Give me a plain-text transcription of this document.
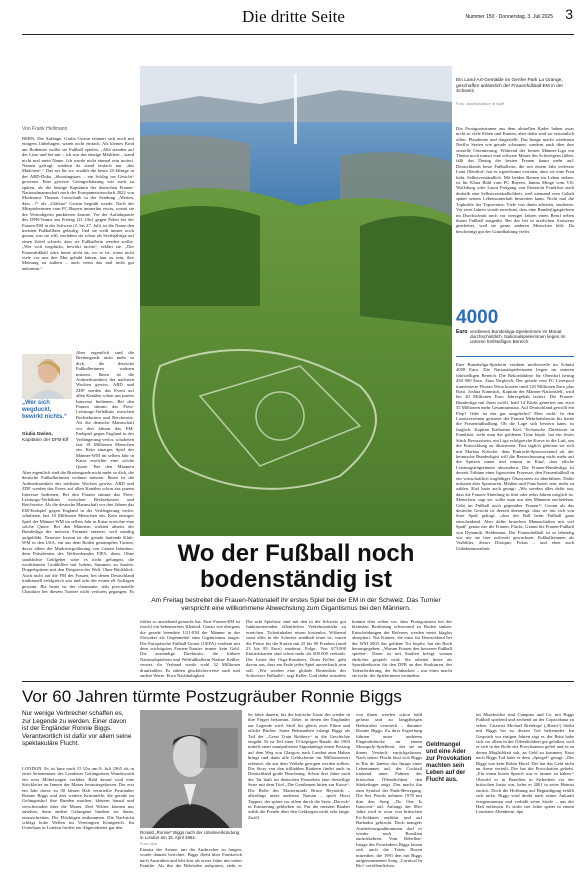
Die dritte Seite	Nummer 150 · Donnerstag, 3. Juli 2025 3
Von Frank Hellmann
BERN. Die Anfänge, Giulia Gwinn erinnert sich noch mit einigem Unbehagen, waren nicht einfach. Als kleines Kind am Bodensee wollte sie Fußball spielen. „Alle standen auf der Liste und bei mir – ich war das einzige Mädchen – stand nicht mal mein Name. Ich wurde nicht einmal rein notiert. Namen gefragt, sondern da stand einfach nur „das Mädchen“.“ Das sei für sie, erzählt die heute 25-Jährige in der ARD-Doku „Shootingstars – ein Schlag ins Gesicht“ gewesen. Eine gewisse Geringschätzung war auch zu spüren, als die heutige Kapitänin der deutschen Frauen-Nationalmannschaft nach der Europameisterschaft 2022 von Moderator Thomas Gottschalk in der Sendung „Wetten, dass…?“ als „Gläläna“ Gwinn begrüßt wurde. Nach der Mitspielerinnen vom FC Bayern immerhin etwas, womit sie die Verteidigerin punktieren konnte. Vor der Auftaktpartie des DFB-Teams am Freitag (21 Uhr) gegen Polen bei der Frauen-EM in der Schweiz (2. bis 27. Juli) ist die Name den meisten Fußballfans geläufig. Und sie weiß immer noch genau, was sie will, nachdem sie schon als Sechsjährige auf einen Zettel schrieb, dass sie Fußballerin werden wollte. „Wer sich wegduckt, bewirkt nichts“, erklärt sie. „Der Frauenfußball wäre heute nicht da, wo er ist, wenn nicht viele vor uns den Mut gehabt hätten, laut zu sein, ihre Meinung zu äußern – auch wenn das mal nicht gut ankommt.“
„Wer sich wegduckt, bewirkt nichts.“
Giulia Gwinn,
Kapitänin der DFB-Elf
Aber eigentlich sind die Breitengrade nicht mehr so dick, die deutsche Fußballerinnen wohnen müssen. Ihnen ist die Aufmerksamkeit der nächsten Wochen gewiss. ARD und ZDF werden das Event auf allen Kanälen schon aus purem Interesse bedienen. Bei den Frauen stimmt das Preis-Leistungs-Verhältnis zwischen Rechtekosten und Reichweite. Als die deutsche Mannschaft vor drei Jahren das EM-Endspiel gegen England in der Verlängerung verlor, schalteten fast 18 Millionen Menschen ein. Kein einziges Spiel der Männer-WM im selben Jahr in Katar erreichte eine solche Quote. Bei den Männern
Aber eigentlich sind die Breitengrade nicht mehr so dick, die deutsche Fußballerinnen wohnen müssen. Ihnen ist die Aufmerksamkeit der nächsten Wochen gewiss. ARD und ZDF werden das Event auf allen Kanälen schon aus purem Interesse bedienen. Bei den Frauen stimmt das Preis-Leistungs-Verhältnis zwischen Rechtekosten und Reichweite. Als die deutsche Mannschaft vor drei Jahren das EM-Endspiel gegen England in der Verlängerung verlor, schalteten fast 18 Millionen Menschen ein. Kein einziges Spiel der Männer-WM im selben Jahr in Katar erreichte eine solche Quote. Bei den Männern wirkten abseits der Bundesliga die meisten Formate entzerrt, weil unstilig aufgebläht. Neuester Irrsinn ist die gerade laufende Klub-WM in den USA, ein aus dem Boden gestampftes Turnier, davor allem der Marktvergrößerung von Gianni Infantino, dem Präsidenten des Weltverbandes FIFA, dient. Ohne sauddichse Geldgeber wäre es nicht gelungen, die exorbitanten Großhilfen mit hohem Summen zu kaufen. Doppelspitzen mit den Despoten der Welt. Ohne Rückblick. Auch nicht auf die FM der Frauen, bei denen Deutschland traditionell erfolgreich war und acht der ersten elf Auflagen gewann. Bis heute ist der charmante, teils provinzielle Charakter bei diesem Turnier nicht verloren gegangen. Es
Ein Land-Art-Gemälde im Genfer Park La Grange, geschaffen anlässlich der Frauenfußball-EM in der Schweiz.
Foto: dpa/Salvatore di Nolfi
Die Protagonistinnen aus dem aktuellen Kader haben zwar nicht so viele Erben und Kanten, aber dafür sind sie erstaunlich offen. Plaudernte und dargestellt. Das Image macht wiederum Netflix Serien wie gerade schaunen, sondern auch über ihre sexuelle Orientierung. Während der besten Männer-Liga ein Thema noch immer eine schwere Mauer des Schweigens füllen, fällt das Daring der besten Frauen kaum mehr auf. Deutschlands beste Fußballerin, die seit einem Jahr verletzte Lena Oberdorf, hat es irgendwann verraten, dass sie eine Frau liebt. Selbstverständlich. Mit beiden Beinen im Leben stehen, ist für Klara Bühl vom FC Bayern, Janina Minge vom VfL Wolfsburg oder Laura Freigang von Eintracht Frankfurt auch deshalb eine Selbstverständlichkeit, weil niemand vom Gehalt später seinen Lebensunterhalt bestreiten kann. Nicht mal die Topkräfte der Topvereine. Viele von ihnen arbeiten, studieren. Vor zwei Jahren wurde errechnet, dass eine Bundesligaspielerin im Durchschnitt noch vor weniger Jahren einen Beruf neben ihrem Fußball ausgeübt. Bei der bei in ärztlichen Assistenz gearbeitet, weil sie gerne anderen Menschen hilft. Da bescheinigt gut der Grundhaltung vieler.
4000
Euro verdienen Bundesliga-Spielerinnen im Monat durchschnittlich. Nationalspielerinnen liegen im unteren fünfstelligen Bereich.
Eine Bundesliga-Spielerin verdient mittlerweile im Schnitt 4000 Euro. Die Nationalspielerinnen liegen im unteren fünfstelligen Bereich. Die Rekordablöse für Oberdorf betrug 450 000 Euro. Zum Vergleich: Der gerade vom FC Liverpool transferierte Florian Wirtz kostete rund 120 Millionen Euro plus Boni. Joshua Kimmich, Kapitän der Männer-Nationalelf, wird bei 20 Millionen Euro Jahresgehalt taxiert. Die Frauen-Bundesliga mit ihren zwölf, bald 14 Klubs generiert nur etwa 55 Millionen mehr Gesamtumsatz. Auf Deutschland gewollt ein Flop? Oder ist das gar umgekehrt? Eher nicht. In den Lizenzvereinen gestartet der Frauen Mehrheitsbesitz bis heute die Frauenfußballung. Ob die Lage sich bessern kann, ist fraglich. Kapitän Katharina Kiel, Technische Direktorin in Frankfurt, sieht man die goldenen Töne köpfe, hat ein festes Stück Bewusstsein, ein Liga erfolgreiche Kurve in die Luft, um die Entwicklung zu illustrieren. Fast täglich gehören sie sich mit Markus Krösche, dem Eintracht-Sportvorstand ab, der heimische Bundesligist will die Bezuschussung nicht mehr auf die Spitzen tunen und nimmt in Kauf, dass etliche Leistungsträgerinnen abwandern. Die Frauen-Bundesliga ist derzeit Tribüne einer ligaweiten Prozesse, den Frauenfußball in ein wirtschaftlich tragfähiges Ökosystem zu überführen. Dafür müssten aber Sponsoren, Medien und Fans bereit sein, mehr zu zahlen. Kiel hatte auch gesagt: „Wir werden alles dafür tun, dass die Frauen-Abteilung in fünf oder zehn Jahren möglich ist. Menschen, sagt sie, sollte man nur den Männern nachziehen. Geht im Fußball auch gegenüber Frauen!“ Gwinn als das deutsche Gesicht ist derzeit überzeugt, dass sie mit sich von ihrer Spaß gelingt, „dass der Ball beim Fußball ganz entscheidend. Aber dafür brauchen Mannschaften mit viel Spaß“ genau wie die Frauen, Flucht, Gianni bis Frauen-Fußball von Dynamik, Heldenmut. Der Frauenfußball ist so lebendig wie nie sie hier weltweit gewachsen. Fußballerinnen als Vorbilder, dieser Diszipin, Fokus – und eben auch Unbekümmertheit.
Wo der Fußball noch
bodenständig ist
Am Freitag bestreitet die Frauen-Nationalelf ihr erstes Spiel bei der EM in der Schweiz. Das Turnier verspricht eine willkommene Abwechslung zum Gigantismus bei den Männern.
früher so anziehend gemacht hat. Eine Frauen-EM ist (noch) ein bebenseretes Kleinod. Genau wie übrigens die gerade beendete U21-EM der Männer in der Slowakei als Gegenmittel zum Gigantismus taugte. Die Europäische Fußball-Union (UEFA) verdient mit dem wichtigsten Frauen-Turnier immer kein Geld. Die zuständige Direktorin, die frühere Nationalspielerin und Weltfußballerin Nadine Keßler, verriet, ihr Verband werde wohl 32 Millionen draufzahlen. Es zählen glücklicherweise auch mal andere Werte. Etwa Nachhaltigkeit.
Die acht Spielorte sind mit den in der Schweiz gut funktionierenden öffentlichen Verkehrsmitteln zu erreichen. Ticketinhaber reisen kostenlos. Während sonst alles in der Schweiz sündhaft teuer ist, waren die Preise für die Karten mit 25 bis 90 Franken (rund 23 bis 85 Euro) moderat. Folge: Von 673.000 Eintrittskarten sind schon mehr als 600.000 verkauft. Der Leiter des Orga-Komitees, Doris Keller, geht davon aus, dass am Ende jedes Spiel ausverkauft sein soll. „Wir werden eine globale Bestenliste des Schweizer Fußballs“, sagt Keller. Und dabei trotzdem
kommt eher selten vor, dass Protagonisten bei der kleinsten Berührung schwerund zu Boden sinken. Entscheidungen der Referees werden meist klaglos akzeptiert. Nia Künzer, die einst für Deutschland bei der WM 2003 das goldene Tor köpfte, hat ein Buch herausgegeben: „Warum Frauen den besseren Fußball spielen“. Darin ist mit Studien belegt, warum ehrlicher gespielt wird. Sie arbeitet heute als Sportdirektorin für den DFB an den Strukturen, der Talentförderung, der Sichtbarkeit – nur eines macht sie nicht: die Spielerinnen verändern.
Vor 60 Jahren türmte Postzugräuber Ronnie Biggs
Nur wenige Verbrecher schaffen es, zur Legende zu werden. Einer davon ist der Engländer Ronnie Biggs. Verantwortlich ist dafür vor allem seine spektakuläre Flucht.
LONDON. Es ist kurz nach 15 Uhr am 8. Juli 1965 als in einer Seitenmauer des Londoner Gefängnisses Wandsworth ein roter Möbelwagen vorfährt. Bald darauf wird eine Strickleiter an Innern der Mauer heruntergelassen. Der erst ein Jahr davor zu 30 Jahren Haft verurteilte Posträuber Ronnie Biggs und drei weitere Kriminelle, die gerade im Gefängnishof ihre Runden machen, klettern hinauf und verschwinden über die Mauer. Drei Wärter können nur zusehen, denn andere Gefangene hindern sie daran, einzuschreiten. Die Flüchtigen entkommen. Die Nachricht schlägt hohe Wellen im Vereinigten Königreich. Im Unterhaus in London fordert ein Abgeordneter gar den
Ronald „Ronnie“ Biggs nach der Urteilsverkündung in London am 15. April 1964.
Foto: dpa
Einsatz der Armee, um die Ausbrecher zu fangen, wurde damals berichtet. Biggs flieht über Frankreich nach Australien und lebt dort als erstes Jahre mit seiner Familie. Als ihn die Behörden aufspüren, zieht er
So fahre dauern, bis die britische Justiz ihn wieder in ihre Finger bekommt. Jahre, in denen der Engländer zur Legende wird. Stoff für gleich zwei Filme und etliche Bücher. Seine Bekanntheit erlangt Biggs als Teil der „Great Train Robbery“ in die Geschichte eingeht. Er ist Teil einer 15-köpfigen Bande, die 1963 mittels einer manipulierten Signalanlage einen Postzug auf dem Weg von Glasgow nach London zum Halten bringt und dann alle Geldscheine im Millionenwert erbeutet, die aus dem Verkehr gezogen werden sollten. Die Story von den trilliablen Räubern findet auch in Deutschland große Beachtung. Schon drei Jahre nach der Tat läuft im deutschen Fernsehen eine dreiteilige Serie mit dem Titel „Die Gentlemen bitten zur Kasse“. Die Rolle des Masterminds Bruce Reynolds – allerdings unter anderem Namen – spielt Horst Tappert, der später vor allem durch die Serie „Derrick“ in Erinnerung geblieben ist. Für die meisten Räuber wählt die Freude über den Geldsegen nicht sehr lange. Zwölf
von ihnen werden schon bald gefasst und zu langjährigen Haftstrafen verurteilt – darunter Ronnie Biggs. Zu ihrer Ergreifung führten unter anderem Fingerabdrücke an einem Monopoly-Spielbrett, das sie an ihrem Versteck zurückgelassen. Nach seiner Flucht lässt sich Biggs in Rio de Janeiro das Image eines Lebemannes auf, der Cocktail trinkend unter Palmen der britischen Öffentlichkeit den Stinkefinger zeigt. Das macht ihn zum Symbol der Punk-Bewegung. Die Sex Pistols nehmen 1978 mit ihm den Song „No One Is Innocent“ auf. Anfangs der 80er Jahre wird er zwar von britischen Ex-Soldaten entführt und auf Barbados gebracht. Doch mangels Auslieferungsabkommen darf er wieder nach Brasilien zurückkehren. Vom Rebellen-Image des Posträubers Biggs lassen sich auch die Toten Hosen mitreißen, die 1991 den mit Biggs aufgenommenen Song „Carnival In Rio“ veröffentlichen,
Geldmangel und eine Ader zur Provokation machten sein Leben auf der Flucht aus.
im Musikvideo sind Campino und Co. mit Biggs Fußball spielend und zechend an der Copacabana zu sehen. Gitarrist Michael Breitkopf („Breiti“) bleibt mit Biggs bis zu dessen Tod befreundet. Im Gespräch vor einigen Jahren sagt er, der Brite habe sich vor allem in der Öffentlichkeit gut gefallen, weil er sich in der Rolle des Provokateurs gefiel und es an denen Möglichkeit sah, an Geld zu kommen. Kurz nach Biggs Tod hatte er dem „Spiegel“ gesagt: „Der Biggs war kein Robin Hood. Der hat das Geld nicht an Arme verteilt. Der hat die Provokation geliebt. „Für einen bösen Spruch war er immer zu haben.“ Obwohl er in Brasilien in Sicherheit vor der britischen Justiz war, kehrt er 2001 in seine Heimat zurück. Doch die Hoffnung auf Begnadigung erfüllt sich nicht. Biggs wird direkt nach seiner Ankunft festgenommen und verbüßt seine Strafe – aus der Haft entlassen. Er stirbt vier Jahre später in einem Londoner Altenheim. dpa
